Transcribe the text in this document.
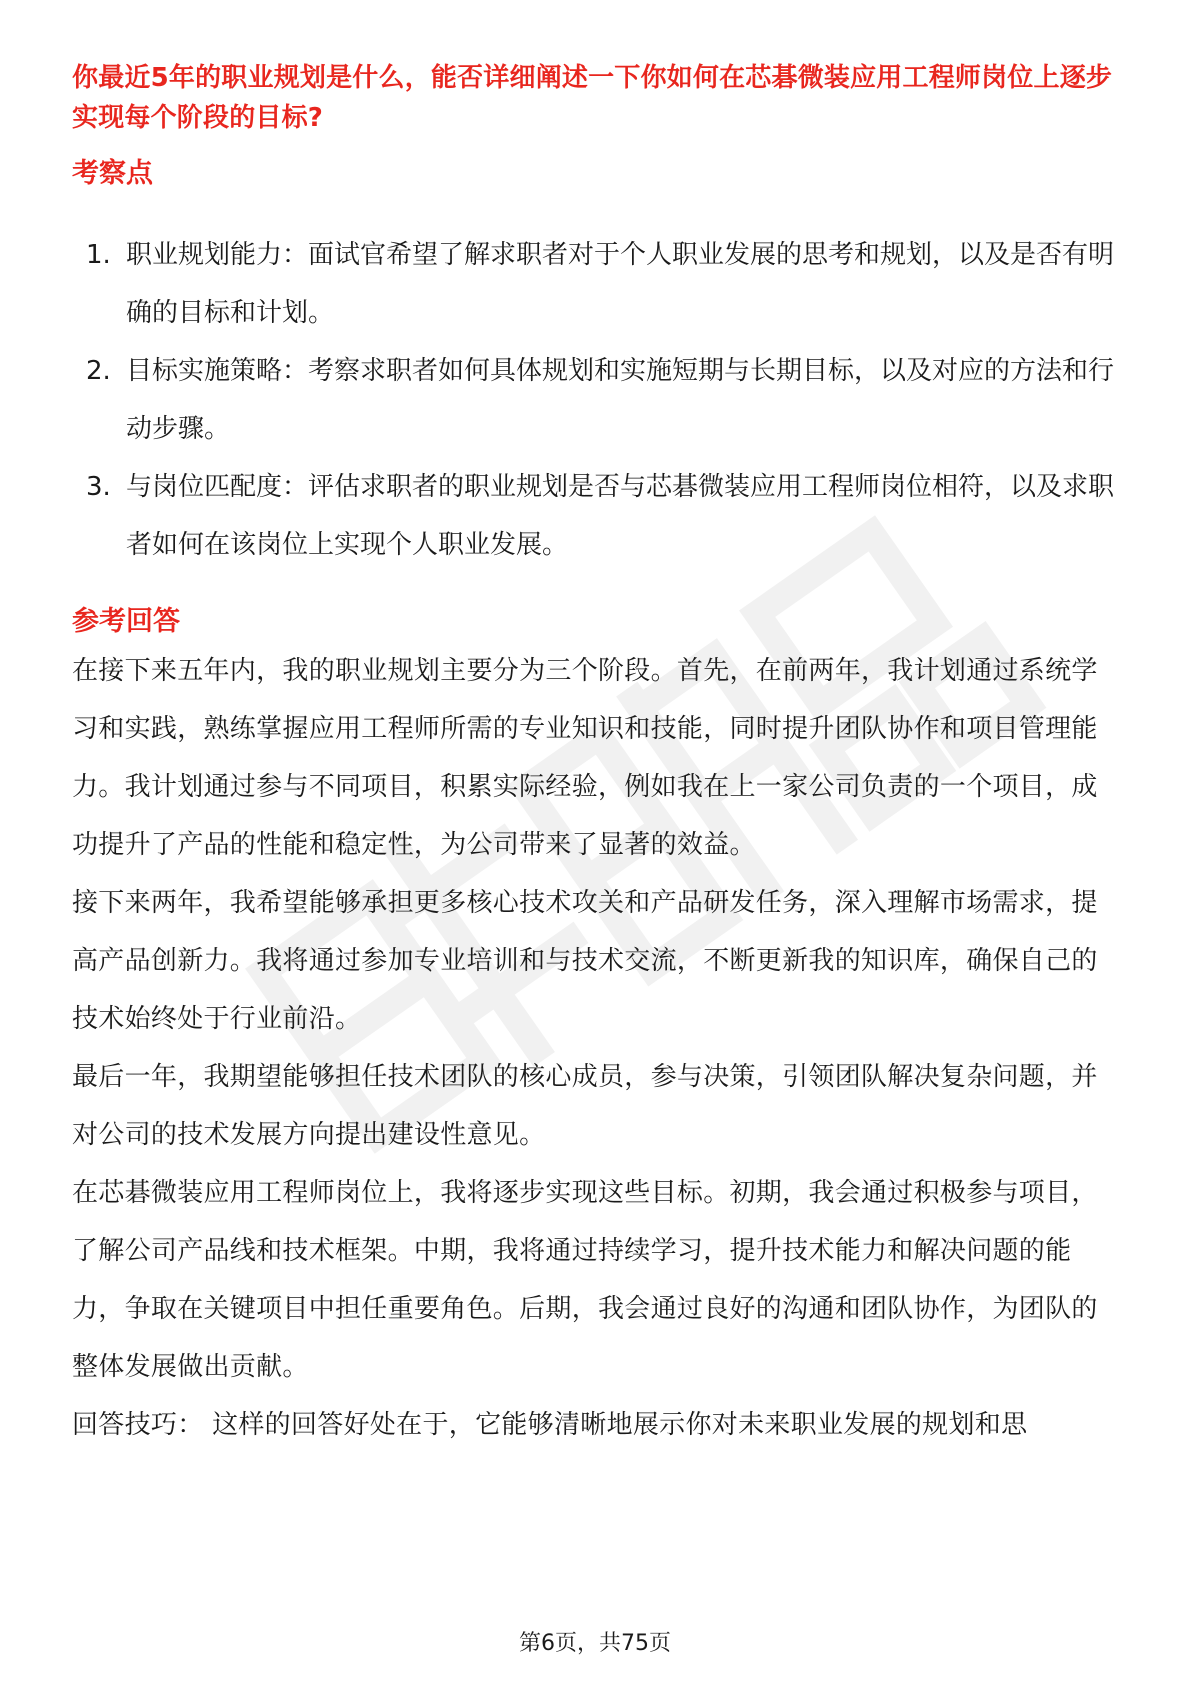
你最近5年的职业规划是什么，能否详细阐述一下你如何在芯碁微装应用工程师岗位上逐步实现每个阶段的目标?
考察点
1. 职业规划能力：面试官希望了解求职者对于个人职业发展的思考和规划，以及是否有明确的目标和计划。
2. 目标实施策略：考察求职者如何具体规划和实施短期与长期目标，以及对应的方法和行动步骤。
3. 与岗位匹配度：评估求职者的职业规划是否与芯碁微装应用工程师岗位相符，以及求职者如何在该岗位上实现个人职业发展。
参考回答

在接下来五年内，我的职业规划主要分为三个阶段。首先，在前两年，我计划通过系统学习和实践，熟练掌握应用工程师所需的专业知识和技能，同时提升团队协作和项目管理能力。我计划通过参与不同项目，积累实际经验，例如我在上一家公司负责的一个项目，成功提升了产品的性能和稳定性，为公司带来了显著的效益。

接下来两年，我希望能够承担更多核心技术攻关和产品研发任务，深入理解市场需求，提高产品创新力。我将通过参加专业培训和与技术交流，不断更新我的知识库，确保自己的技术始终处于行业前沿。

最后一年，我期望能够担任技术团队的核心成员，参与决策，引领团队解决复杂问题，并对公司的技术发展方向提出建设性意见。

在芯碁微装应用工程师岗位上，我将逐步实现这些目标。初期，我会通过积极参与项目，了解公司产品线和技术框架。中期，我将通过持续学习，提升技术能力和解决问题的能力，争取在关键项目中担任重要角色。后期，我会通过良好的沟通和团队协作，为团队的整体发展做出贡献。

回答技巧： 这样的回答好处在于，它能够清晰地展示你对未来职业发展的规划和思

第6页，共75页
